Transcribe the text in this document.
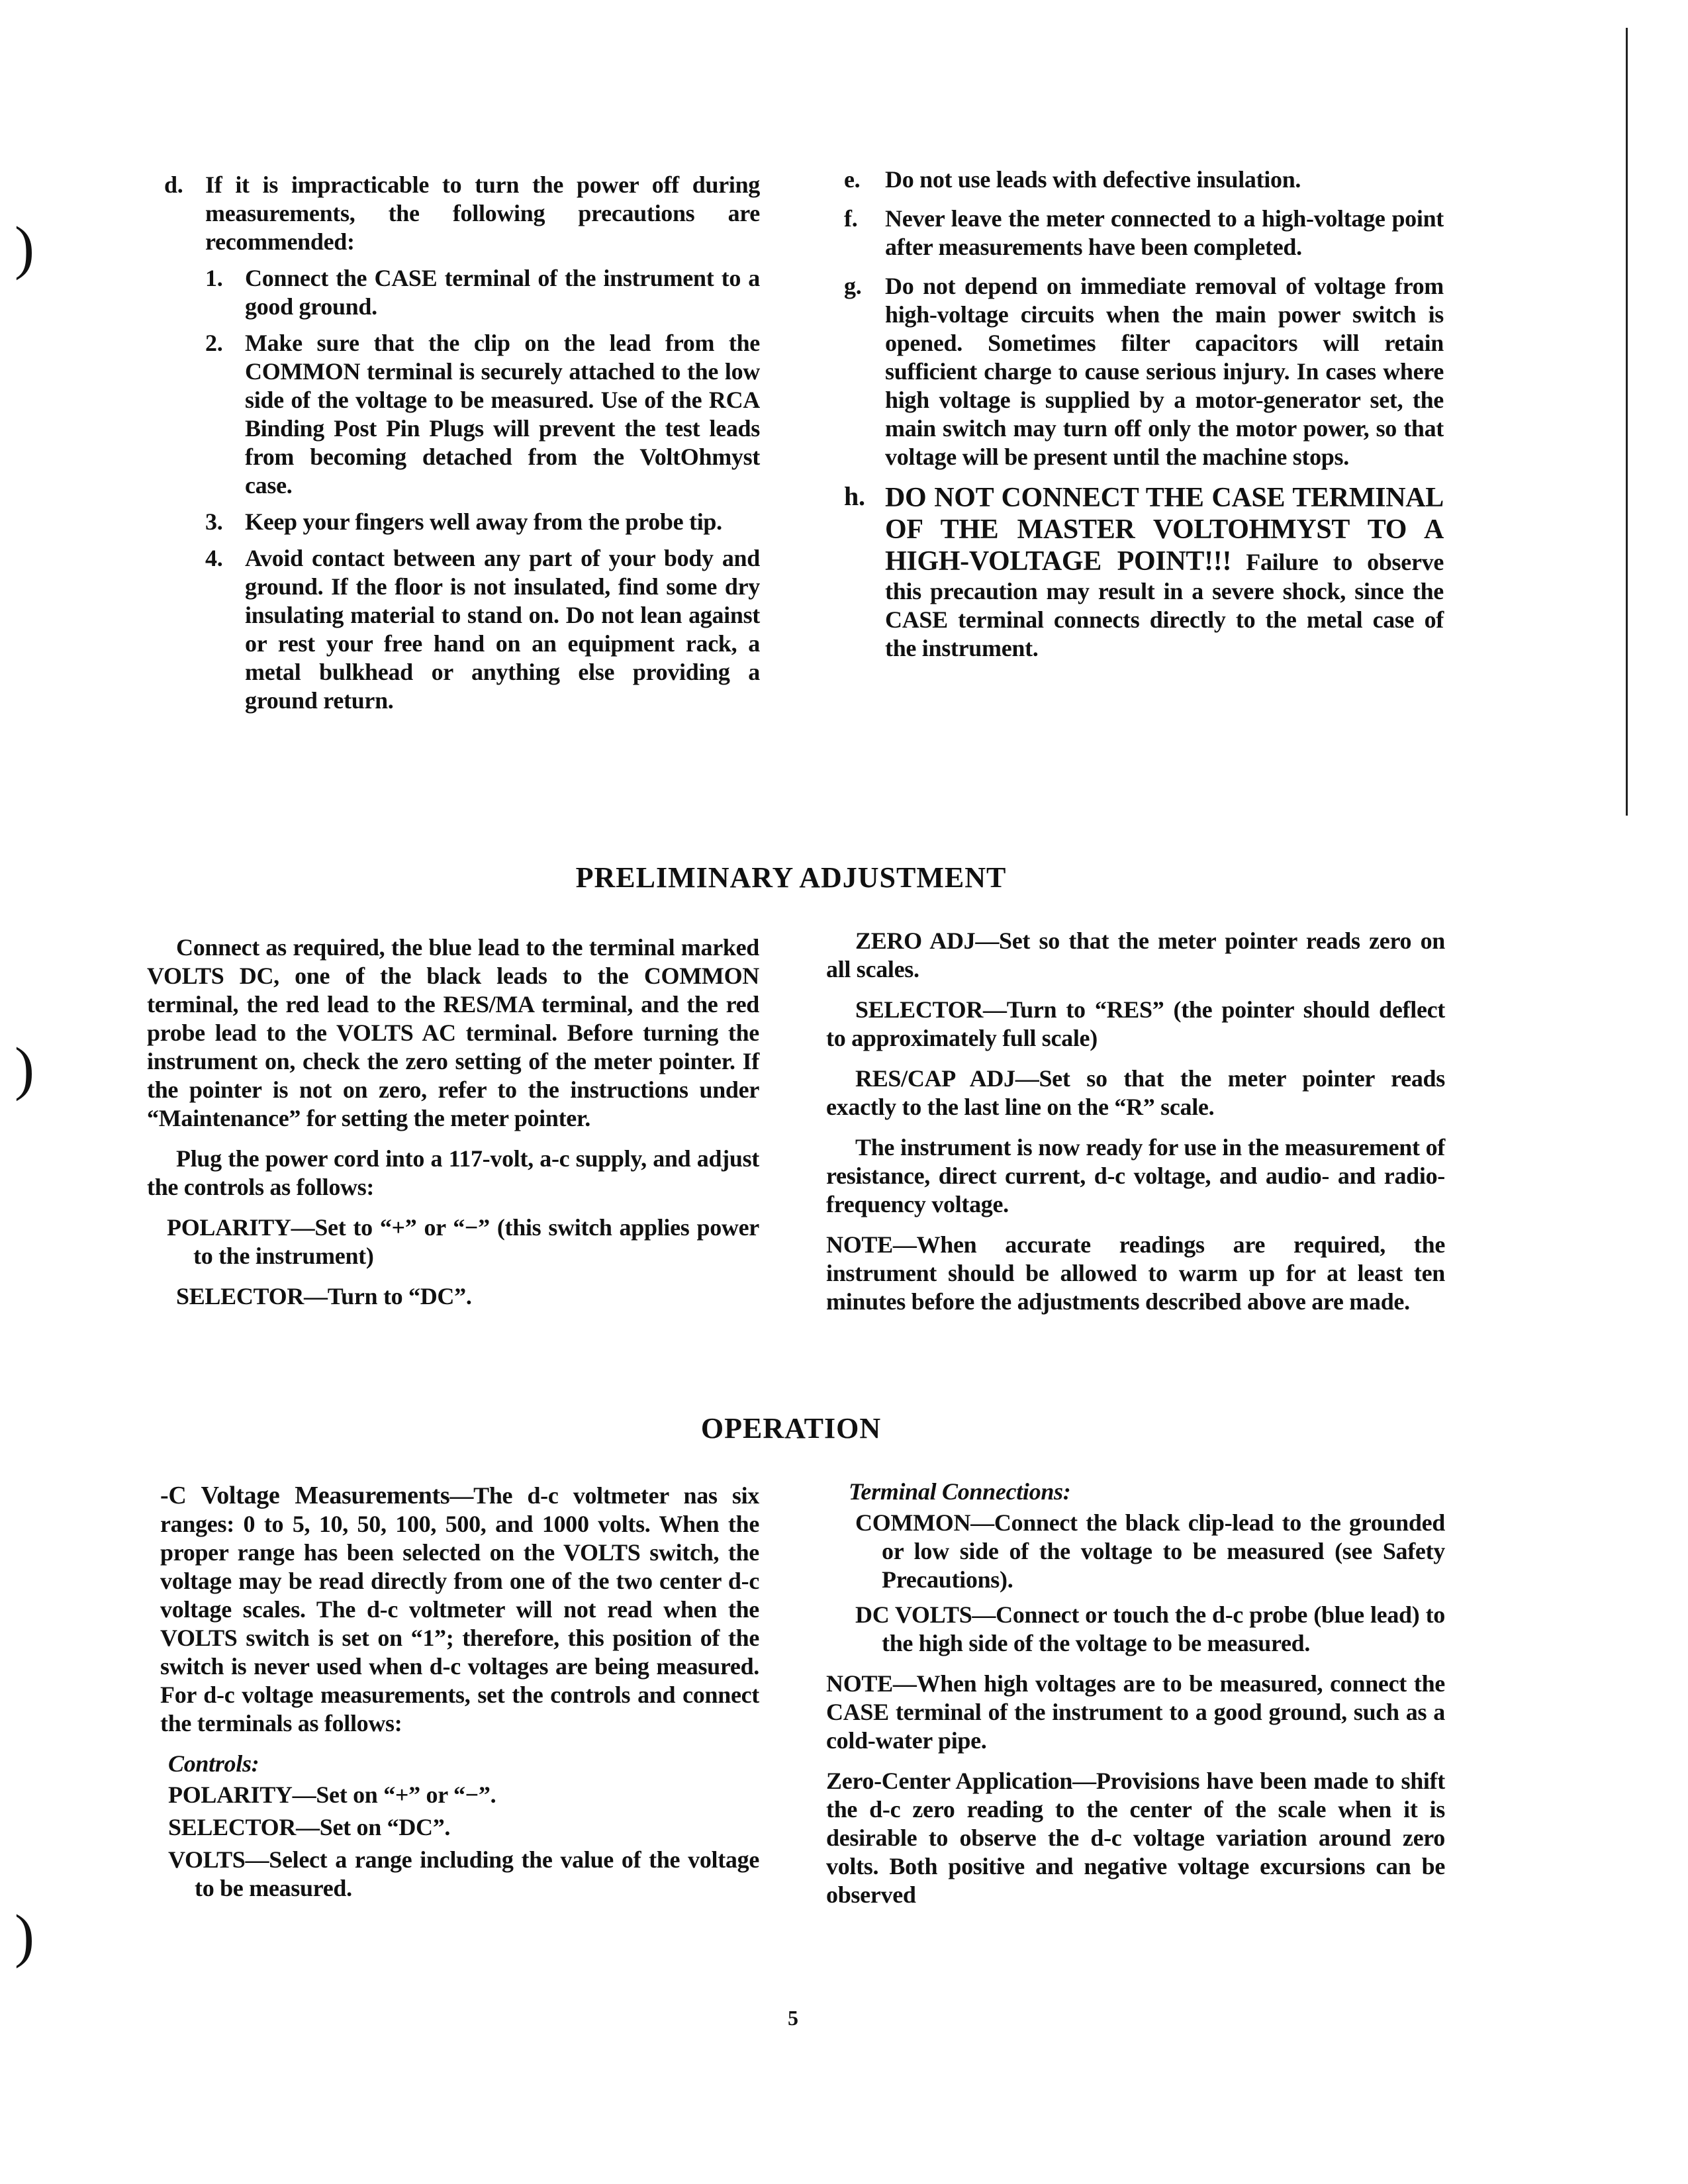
)
)
)
d. If it is impracticable to turn the power off during measurements, the following precautions are recommended:
1. Connect the CASE terminal of the instrument to a good ground.
2. Make sure that the clip on the lead from the COMMON terminal is securely attached to the low side of the voltage to be measured. Use of the RCA Binding Post Pin Plugs will prevent the test leads from becoming detached from the VoltOhmyst case.
3. Keep your fingers well away from the probe tip.
4. Avoid contact between any part of your body and ground. If the floor is not insulated, find some dry insulating material to stand on. Do not lean against or rest your free hand on an equipment rack, a metal bulkhead or anything else providing a ground return.
e.	Do not use leads with defective insulation.
f.	Never leave the meter connected to a high-voltage point after measurements have been completed.
g. Do not depend on immediate removal of voltage from high-voltage circuits when the main power switch is opened. Sometimes filter capacitors will retain sufficient charge to cause serious injury. In cases where high voltage is supplied by a motor-generator set, the main switch may turn off only the motor power, so that voltage will be present until the machine stops.
h. DO NOT CONNECT THE CASE TERMINAL OF THE MASTER VOLTOHMYST TO A HIGH-VOLTAGE POINT!!! Failure to observe this precaution may result in a severe shock, since the CASE terminal connects directly to the metal case of the instrument.
PRELIMINARY ADJUSTMENT

Connect as required, the blue lead to the terminal marked VOLTS DC, one of the black leads to the COMMON terminal, the red lead to the RES/MA terminal, and the red probe lead to the VOLTS AC terminal. Before turning the instrument on, check the zero setting of the meter pointer. If the pointer is not on zero, refer to the instructions under “Maintenance” for setting the meter pointer.

Plug the power cord into a 117-volt, a-c supply, and adjust the controls as follows:

POLARITY—Set to “+” or “−” (this switch applies power to the instrument)

SELECTOR—Turn to “DC”.

ZERO ADJ—Set so that the meter pointer reads zero on all scales.

SELECTOR—Turn to “RES” (the pointer should deflect to approximately full scale)

RES/CAP ADJ—Set so that the meter pointer reads exactly to the last line on the “R” scale.

The instrument is now ready for use in the measurement of resistance, direct current, d-c voltage, and audio- and radio-frequency voltage.

NOTE—When accurate readings are required, the instrument should be allowed to warm up for at least ten minutes before the adjustments described above are made.

OPERATION

-C Voltage Measurements—The d-c voltmeter nas six ranges: 0 to 5, 10, 50, 100, 500, and 1000 volts. When the proper range has been selected on the VOLTS switch, the voltage may be read directly from one of the two center d-c voltage scales. The d-c voltmeter will not read when the VOLTS switch is set on “1”; therefore, this position of the switch is never used when d-c voltages are being measured. For d-c voltage measurements, set the controls and connect the terminals as follows:

Controls:

POLARITY—Set on “+” or “−”.

SELECTOR—Set on “DC”.

VOLTS—Select a range including the value of the voltage to be measured.

Terminal Connections:

COMMON—Connect the black clip-lead to the grounded or low side of the voltage to be measured (see Safety Precautions).

DC VOLTS—Connect or touch the d-c probe (blue lead) to the high side of the voltage to be measured.

NOTE—When high voltages are to be measured, connect the CASE terminal of the instrument to a good ground, such as a cold-water pipe.

Zero-Center Application—Provisions have been made to shift the d-c zero reading to the center of the scale when it is desirable to observe the d-c voltage variation around zero volts. Both positive and negative voltage excursions can be observed

5
